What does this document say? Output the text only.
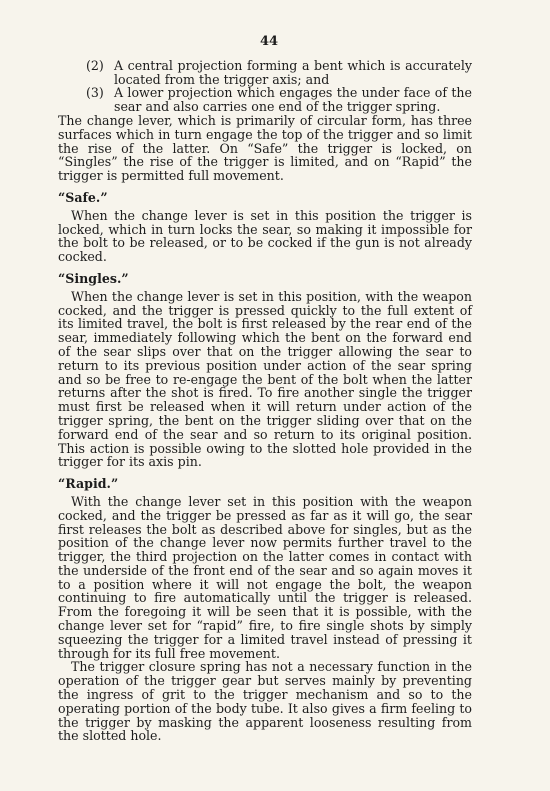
44
(2) A central projection forming a bent which is accurately located from the trigger axis; and
(3) A lower projection which engages the under face of the sear and also carries one end of the trigger spring.

The change lever, which is primarily of circular form, has three surfaces which in turn engage the top of the trigger and so limit the rise of the latter. On “Safe” the trigger is locked, on “Singles” the rise of the trigger is limited, and on “Rapid” the trigger is permitted full movement.

“Safe.”

When the change lever is set in this position the trigger is locked, which in turn locks the sear, so making it impossible for the bolt to be released, or to be cocked if the gun is not already cocked.

“Singles.”

When the change lever is set in this position, with the weapon cocked, and the trigger is pressed quickly to the full extent of its limited travel, the bolt is first released by the rear end of the sear, immediately following which the bent on the forward end of the sear slips over that on the trigger allowing the sear to return to its previous position under action of the sear spring and so be free to re-engage the bent of the bolt when the latter returns after the shot is fired. To fire another single the trigger must first be released when it will return under action of the trigger spring, the bent on the trigger sliding over that on the forward end of the sear and so return to its original position. This action is possible owing to the slotted hole provided in the trigger for its axis pin.

“Rapid.”

With the change lever set in this position with the weapon cocked, and the trigger be pressed as far as it will go, the sear first releases the bolt as described above for singles, but as the position of the change lever now permits further travel to the trigger, the third projection on the latter comes in contact with the underside of the front end of the sear and so again moves it to a position where it will not engage the bolt, the weapon continuing to fire automatically until the trigger is released. From the foregoing it will be seen that it is possible, with the change lever set for “rapid” fire, to fire single shots by simply squeezing the trigger for a limited travel instead of pressing it through for its full free movement.

The trigger closure spring has not a necessary function in the operation of the trigger gear but serves mainly by preventing the ingress of grit to the trigger mechanism and so to the operating portion of the body tube. It also gives a firm feeling to the trigger by masking the apparent looseness resulting from the slotted hole.
